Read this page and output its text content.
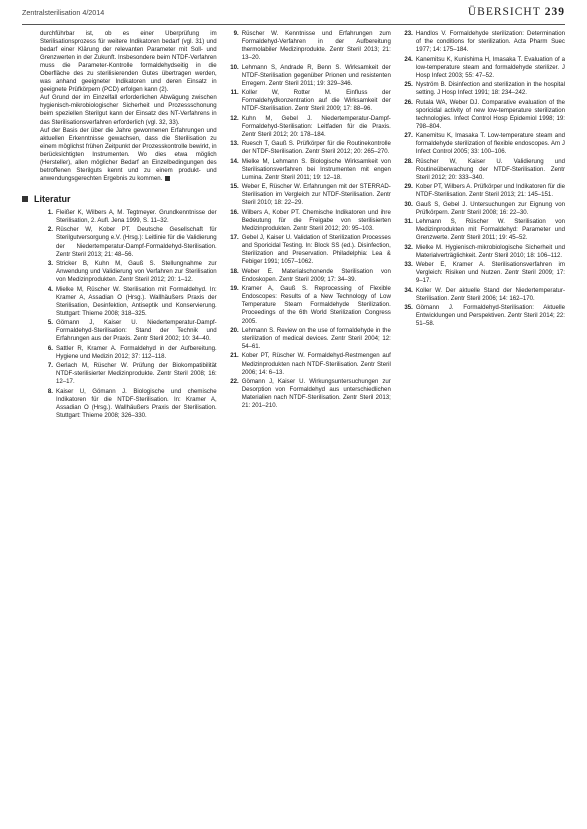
Zentralsterilisation 4/2014	ÜBERSICHT 239

durchführbar ist, ob es einer Überprüfung im Sterilisationsprozess für weitere Indikatoren bedarf (vgl. 31) und bedarf einer Klärung der relevanten Parameter mit Soll- und Grenzwerten in der Zukunft. Insbesondere beim NTDF-Verfahren muss die Parameter-Kontrolle formaldehydseitig in die Oberfläche des zu sterilisierenden Gutes übertragen werden, was anhand geeigneter Indikatoren und deren Einsatz in geeignete Prüfkörpern (PCD) erfolgen kann (2).

Auf Grund der im Einzelfall erforderlichen Abwägung zwischen hygienisch-mikrobiologischer Sicherheit und Prozessschonung beim speziellen Sterilgut kann der Einsatz des NT-Verfahrens in das Sterilisationsverfahren erforderlich (vgl. 32, 33).

Auf der Basis der über die Jahre gewonnenen Erfahrungen und aktuellen Erkenntnisse gewachsen, dass die Sterilisation zu einem möglichst frühen Zeitpunkt der Prozesskontrolle bewirkt, in berücksichtigten Instrumenten. Wo dies etwa möglich (Hersteller), allen möglicher Bedarf an Einzelbedingungen des betroffenen Sterilguts kennt und zu einem produkt- und anwendungsgerechten Ergebnis zu kommen.

Literatur
1. Fleißer K, Wilbers A, M. Tegtmeyer. Grundkenntnisse der Sterilisation, 2. Aufl. Jena 1999, S. 11–32.
2. Rüscher W, Kober PT. Deutsche Gesellschaft für Sterilgutversorgung e.V. (Hrsg.): Leitlinie für die Validierung der Niedertemperatur-Dampf-Formaldehyd-Sterilisation. Zentr Steril 2013; 21: 48–56.
3. Stricker B, Kuhn M, Gauß S. Stellungnahme zur Anwendung und Validierung von Verfahren zur Sterilisation von Medizinprodukten. Zentr Steril 2012; 20: 1–12.
4. Mielke M, Rüscher W. Sterilisation mit Formaldehyd. In: Kramer A, Assadian O (Hrsg.). Wallhäußers Praxis der Sterilisation, Desinfektion, Antiseptik und Konservierung. Stuttgart: Thieme 2008; 318–325.
5. Gömann J, Kaiser U. Niedertemperatur-Dampf-Formaldehyd-Sterilisation: Stand der Technik und Erfahrungen aus der Praxis. Zentr Steril 2002; 10: 34–40.
6. Sattler R, Kramer A. Formaldehyd in der Aufbereitung. Hygiene und Medizin 2012; 37: 112–118.
7. Gerlach M, Rüscher W. Prüfung der Biokompatibilität NTDF-sterilisierter Medizinprodukte. Zentr Steril 2008; 16: 12–17.
8. Kaiser U, Gömann J. Biologische und chemische Indikatoren für die NTDF-Sterilisation. In: Kramer A, Assadian O (Hrsg.). Wallhäußers Praxis der Sterilisation. Stuttgart: Thieme 2008; 326–330.
9. Rüscher W. Kenntnisse und Erfahrungen zum Formaldehyd-Verfahren in der Aufbereitung thermolabiler Medizinprodukte. Zentr Steril 2013; 21: 13–20.
10. Lehmann S, Andrade R, Benn S. Wirksamkeit der NTDF-Sterilisation gegenüber Prionen und resistenten Erregern. Zentr Steril 2011; 19: 329–346.
11. Koller W, Rotter M. Einfluss der Formaldehydkonzentration auf die Wirksamkeit der NTDF-Sterilisation. Zentr Steril 2009; 17: 88–96.
12. Kuhn M, Gebel J. Niedertemperatur-Dampf-Formaldehyd-Sterilisation: Leitfaden für die Praxis. Zentr Steril 2012; 20: 178–184.
13. Ruesch T, Gauß S. Prüfkörper für die Routinekontrolle der NTDF-Sterilisation. Zentr Steril 2012; 20: 265–270.
14. Mielke M, Lehmann S. Biologische Wirksamkeit von Sterilisationsverfahren bei Instrumenten mit engen Lumina. Zentr Steril 2011; 19: 12–18.
15. Weber E, Rüscher W. Erfahrungen mit der STERRAD-Sterilisation im Vergleich zur NTDF-Sterilisation. Zentr Steril 2010; 18: 22–29.
16. Wilbers A, Kober PT. Chemische Indikatoren und ihre Bedeutung für die Freigabe von sterilisierten Medizinprodukten. Zentr Steril 2012; 20: 95–103.
17. Gebel J, Kaiser U. Validation of Sterilization Processes and Sporicidal Testing. In: Block SS (ed.). Disinfection, Sterilization and Preservation. Philadelphia: Lea & Febiger 1991; 1057–1062.
18. Weber E. Materialschonende Sterilisation von Endoskopen. Zentr Steril 2009; 17: 34–39.
19. Kramer A, Gauß S. Reprocessing of Flexible Endoscopes: Results of a New Technology of Low Temperature Steam Formaldehyde Sterilization. Proceedings of the 6th World Sterilization Congress 2005.
20. Lehmann S. Review on the use of formaldehyde in the sterilization of medical devices. Zentr Steril 2004; 12: 54–61.
21. Kober PT, Rüscher W. Formaldehyd-Restmengen auf Medizinprodukten nach NTDF-Sterilisation. Zentr Steril 2006; 14: 6–13.
22. Gömann J, Kaiser U. Wirkungsuntersuchungen zur Desorption von Formaldehyd aus unterschiedlichen Materialien nach NTDF-Sterilisation. Zentr Steril 2013; 21: 201–210.
23. Handlos V. Formaldehyde sterilization: Determination of the conditions for sterilization. Acta Pharm Suec 1977; 14: 175–184.
24. Kanemitsu K, Kunishima H, Imasaka T. Evaluation of a low-temperature steam and formaldehyde sterilizer. J Hosp Infect 2003; 55: 47–52.
25. Nyström B. Disinfection and sterilization in the hospital setting. J Hosp Infect 1991; 18: 234–242.
26. Rutala WA, Weber DJ. Comparative evaluation of the sporicidal activity of new low-temperature sterilization technologies. Infect Control Hosp Epidemiol 1998; 19: 798–804.
27. Kanemitsu K, Imasaka T. Low-temperature steam and formaldehyde sterilization of flexible endoscopes. Am J Infect Control 2005; 33: 100–106.
28. Rüscher W, Kaiser U. Validierung und Routineüberwachung der NTDF-Sterilisation. Zentr Steril 2012; 20: 333–340.
29. Kober PT, Wilbers A. Prüfkörper und Indikatoren für die NTDF-Sterilisation. Zentr Steril 2013; 21: 145–151.
30. Gauß S, Gebel J. Untersuchungen zur Eignung von Prüfkörpern. Zentr Steril 2008; 16: 22–30.
31. Lehmann S, Rüscher W. Sterilisation von Medizinprodukten mit Formaldehyd: Parameter und Grenzwerte. Zentr Steril 2011; 19: 45–52.
32. Mielke M. Hygienisch-mikrobiologische Sicherheit und Materialverträglichkeit. Zentr Steril 2010; 18: 106–112.
33. Weber E, Kramer A. Sterilisationsverfahren im Vergleich: Risiken und Nutzen. Zentr Steril 2009; 17: 9–17.
34. Koller W. Der aktuelle Stand der Niedertemperatur-Sterilisation. Zentr Steril 2006; 14: 162–170.
35. Gömann J. Formaldehyd-Sterilisation: Aktuelle Entwicklungen und Perspektiven. Zentr Steril 2014; 22: 51–58.
